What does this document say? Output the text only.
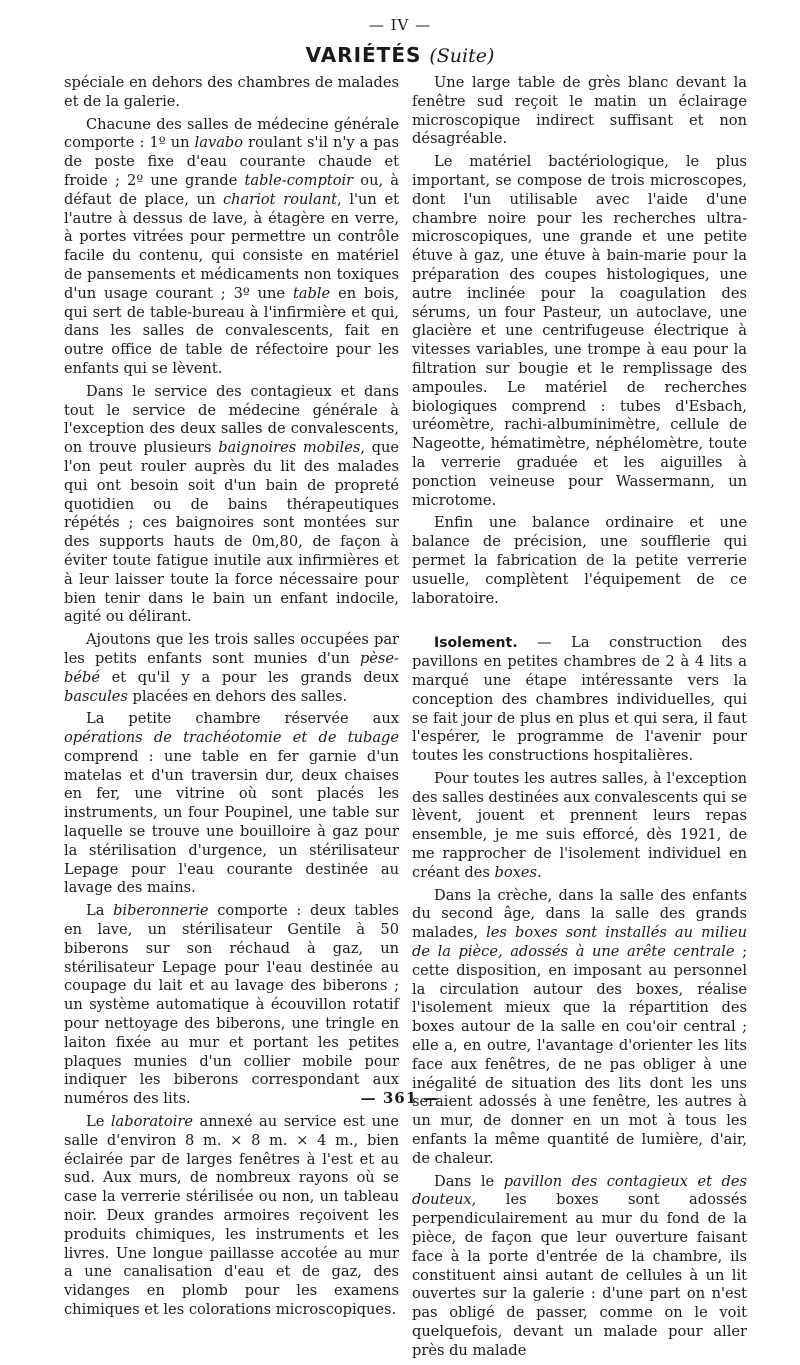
— IV —
VARIÉTÉS (Suite)

spéciale en dehors des chambres de malades et de la galerie.

Chacune des salles de médecine générale comporte : 1º un lavabo roulant s'il n'y a pas de poste fixe d'eau courante chaude et froide ; 2º une grande table-comptoir ou, à défaut de place, un chariot roulant, l'un et l'autre à dessus de lave, à étagère en verre, à portes vitrées pour permettre un contrôle facile du contenu, qui consiste en matériel de pansements et médicaments non toxiques d'un usage courant ; 3º une table en bois, qui sert de table-bureau à l'infirmière et qui, dans les salles de convalescents, fait en outre office de table de réfectoire pour les enfants qui se lèvent.

Dans le service des contagieux et dans tout le service de médecine générale à l'exception des deux salles de convalescents, on trouve plusieurs baignoires mobiles, que l'on peut rouler auprès du lit des malades qui ont besoin soit d'un bain de propreté quotidien ou de bains thérapeutiques répétés ; ces baignoires sont montées sur des supports hauts de 0m,80, de façon à éviter toute fatigue inutile aux infirmières et à leur laisser toute la force nécessaire pour bien tenir dans le bain un enfant indocile, agité ou délirant.

Ajoutons que les trois salles occupées par les petits enfants sont munies d'un pèse-bébé et qu'il y a pour les grands deux bascules placées en dehors des salles.

La petite chambre réservée aux opérations de trachéotomie et de tubage comprend : une table en fer garnie d'un matelas et d'un traversin dur, deux chaises en fer, une vitrine où sont placés les instruments, un four Poupinel, une table sur laquelle se trouve une bouilloire à gaz pour la stérilisation d'urgence, un stérilisateur Lepage pour l'eau courante destinée au lavage des mains.

La biberonnerie comporte : deux tables en lave, un stérilisateur Gentile à 50 biberons sur son réchaud à gaz, un stérilisateur Lepage pour l'eau destinée au coupage du lait et au lavage des biberons ; un système automatique à écouvillon rotatif pour nettoyage des biberons, une tringle en laiton fixée au mur et portant les petites plaques munies d'un collier mobile pour indiquer les biberons correspondant aux numéros des lits.

Le laboratoire annexé au service est une salle d'environ 8 m. × 8 m. × 4 m., bien éclairée par de larges fenêtres à l'est et au sud. Aux murs, de nombreux rayons où se case la verrerie stérilisée ou non, un tableau noir. Deux grandes armoires reçoivent les produits chimiques, les instruments et les livres. Une longue paillasse accotée au mur a une canalisation d'eau et de gaz, des vidanges en plomb pour les examens chimiques et les colorations microscopiques.

Une large table de grès blanc devant la fenêtre sud reçoit le matin un éclairage microscopique indirect suffisant et non désagréable.

Le matériel bactériologique, le plus important, se compose de trois microscopes, dont l'un utilisable avec l'aide d'une chambre noire pour les recherches ultra-microscopiques, une grande et une petite étuve à gaz, une étuve à bain-marie pour la préparation des coupes histologiques, une autre inclinée pour la coagulation des sérums, un four Pasteur, un autoclave, une glacière et une centrifugeuse électrique à vitesses variables, une trompe à eau pour la filtration sur bougie et le remplissage des ampoules. Le matériel de recherches biologiques comprend : tubes d'Esbach, uréomètre, rachi-albuminimètre, cellule de Nageotte, hématimètre, néphélomètre, toute la verrerie graduée et les aiguilles à ponction veineuse pour Wassermann, un microtome.

Enfin une balance ordinaire et une balance de précision, une soufflerie qui permet la fabrication de la petite verrerie usuelle, complètent l'équipement de ce laboratoire.

Isolement. — La construction des pavillons en petites chambres de 2 à 4 lits a marqué une étape intéressante vers la conception des chambres individuelles, qui se fait jour de plus en plus et qui sera, il faut l'espérer, le programme de l'avenir pour toutes les constructions hospitalières.

Pour toutes les autres salles, à l'exception des salles destinées aux convalescents qui se lèvent, jouent et prennent leurs repas ensemble, je me suis efforcé, dès 1921, de me rapprocher de l'isolement individuel en créant des boxes.

Dans la crèche, dans la salle des enfants du second âge, dans la salle des grands malades, les boxes sont installés au milieu de la pièce, adossés à une arête centrale ; cette disposition, en imposant au personnel la circulation autour des boxes, réalise l'isolement mieux que la répartition des boxes autour de la salle en cou'oir central ; elle a, en outre, l'avantage d'orienter les lits face aux fenêtres, de ne pas obliger à une inégalité de situation des lits dont les uns seraient adossés à une fenêtre, les autres à un mur, de donner en un mot à tous les enfants la même quantité de lumière, d'air, de chaleur.

Dans le pavillon des contagieux et des douteux, les boxes sont adossés perpendiculairement au mur du fond de la pièce, de façon que leur ouverture faisant face à la porte d'entrée de la chambre, ils constituent ainsi autant de cellules à un lit ouvertes sur la galerie : d'une part on n'est pas obligé de passer, comme on le voit quelquefois, devant un malade pour aller près du malade

— 361 —
